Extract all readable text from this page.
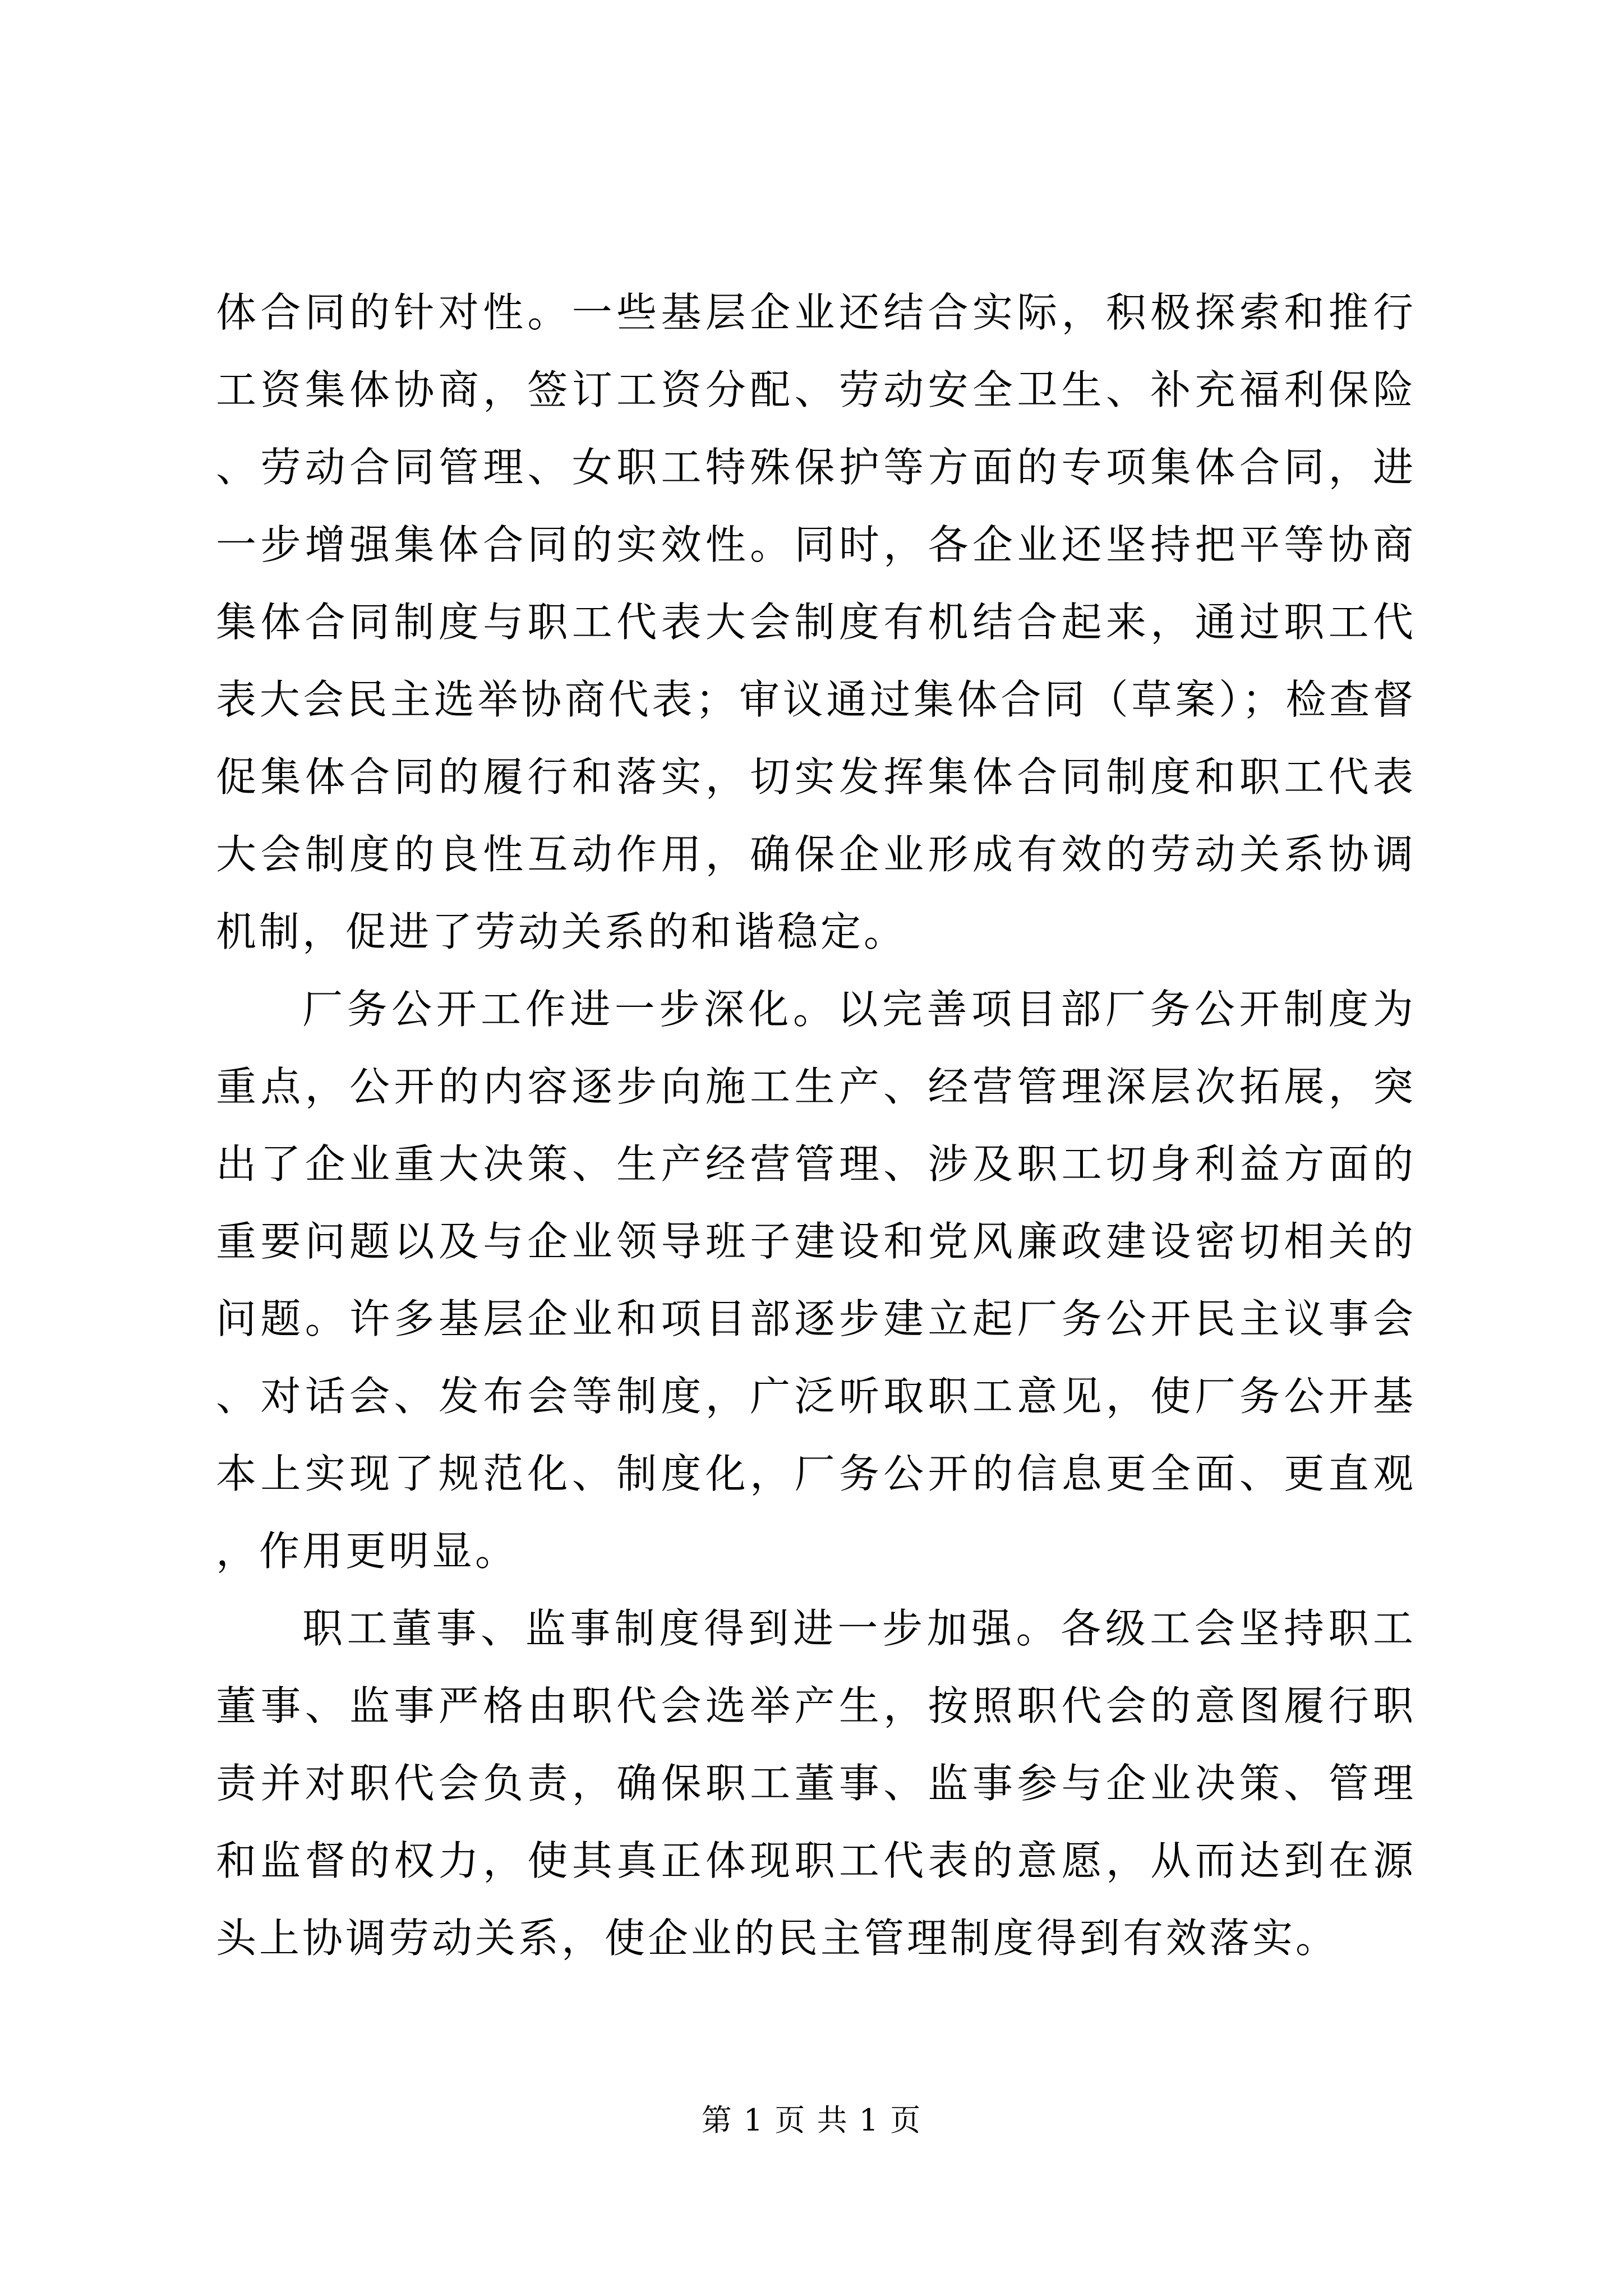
体合同的针对性。一些基层企业还结合实际，积极探索和推行工资集体协商，签订工资分配、劳动安全卫生、补充福利保险、劳动合同管理、女职工特殊保护等方面的专项集体合同，进一步增强集体合同的实效性。同时，各企业还坚持把平等协商集体合同制度与职工代表大会制度有机结合起来，通过职工代表大会民主选举协商代表；审议通过集体合同（草案）；检查督促集体合同的履行和落实，切实发挥集体合同制度和职工代表大会制度的良性互动作用，确保企业形成有效的劳动关系协调机制，促进了劳动关系的和谐稳定。

厂务公开工作进一步深化。以完善项目部厂务公开制度为重点，公开的内容逐步向施工生产、经营管理深层次拓展，突出了企业重大决策、生产经营管理、涉及职工切身利益方面的重要问题以及与企业领导班子建设和党风廉政建设密切相关的问题。许多基层企业和项目部逐步建立起厂务公开民主议事会、对话会、发布会等制度，广泛听取职工意见，使厂务公开基本上实现了规范化、制度化，厂务公开的信息更全面、更直观，作用更明显。

职工董事、监事制度得到进一步加强。各级工会坚持职工董事、监事严格由职代会选举产生，按照职代会的意图履行职责并对职代会负责，确保职工董事、监事参与企业决策、管理和监督的权力，使其真正体现职工代表的意愿，从而达到在源头上协调劳动关系，使企业的民主管理制度得到有效落实。

第 1 页 共 1 页
